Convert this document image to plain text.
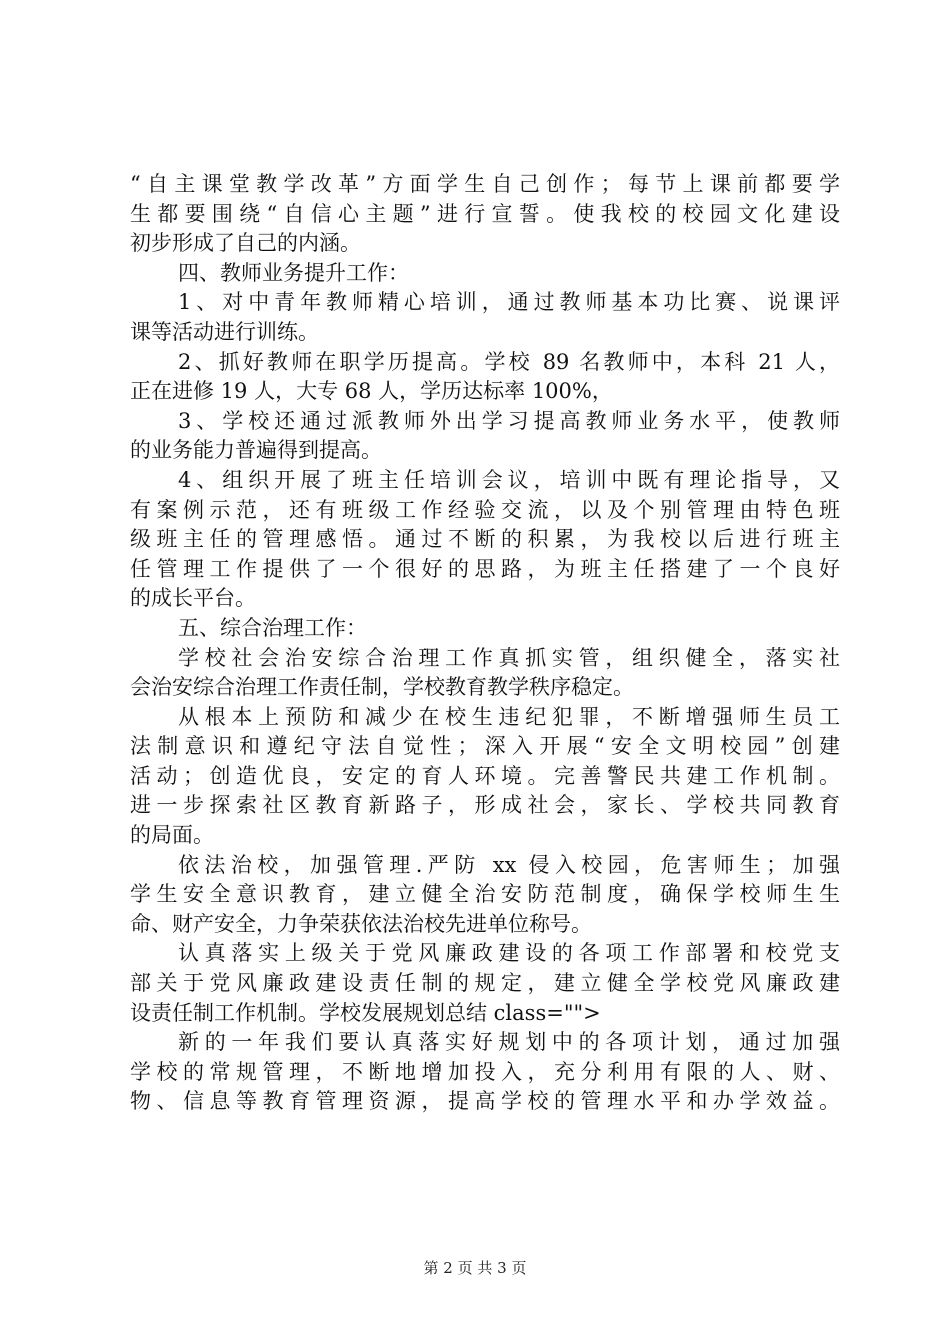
“自主课堂教学改革”方面学生自己创作；每节上课前都要学
生都要围绕“自信心主题”进行宣誓。使我校的校园文化建设
初步形成了自己的内涵。
四、教师业务提升工作：
1、对中青年教师精心培训，通过教师基本功比赛、说课评
课等活动进行训练。
2、抓好教师在职学历提高。学校 89 名教师中，本科 21 人，
正在进修 19 人，大专 68 人，学历达标率 100%，
3、学校还通过派教师外出学习提高教师业务水平，使教师
的业务能力普遍得到提高。
4、组织开展了班主任培训会议，培训中既有理论指导，又
有案例示范，还有班级工作经验交流，以及个别管理由特色班
级班主任的管理感悟。通过不断的积累，为我校以后进行班主
任管理工作提供了一个很好的思路，为班主任搭建了一个良好
的成长平台。
五、综合治理工作：
学校社会治安综合治理工作真抓实管，组织健全，落实社
会治安综合治理工作责任制，学校教育教学秩序稳定。
从根本上预防和减少在校生违纪犯罪，不断增强师生员工
法制意识和遵纪守法自觉性；深入开展“安全文明校园”创建
活动；创造优良，安定的育人环境。完善警民共建工作机制。
进一步探索社区教育新路子，形成社会，家长、学校共同教育
的局面。
依法治校，加强管理.严防 xx 侵入校园，危害师生；加强
学生安全意识教育，建立健全治安防范制度，确保学校师生生
命、财产安全，力争荣获依法治校先进单位称号。
认真落实上级关于党风廉政建设的各项工作部署和校党支
部关于党风廉政建设责任制的规定，建立健全学校党风廉政建
设责任制工作机制。学校发展规划总结 class="">
新的一年我们要认真落实好规划中的各项计划，通过加强
学校的常规管理，不断地增加投入，充分利用有限的人、财、
物、信息等教育管理资源，提高学校的管理水平和办学效益。
第 2 页 共 3 页
